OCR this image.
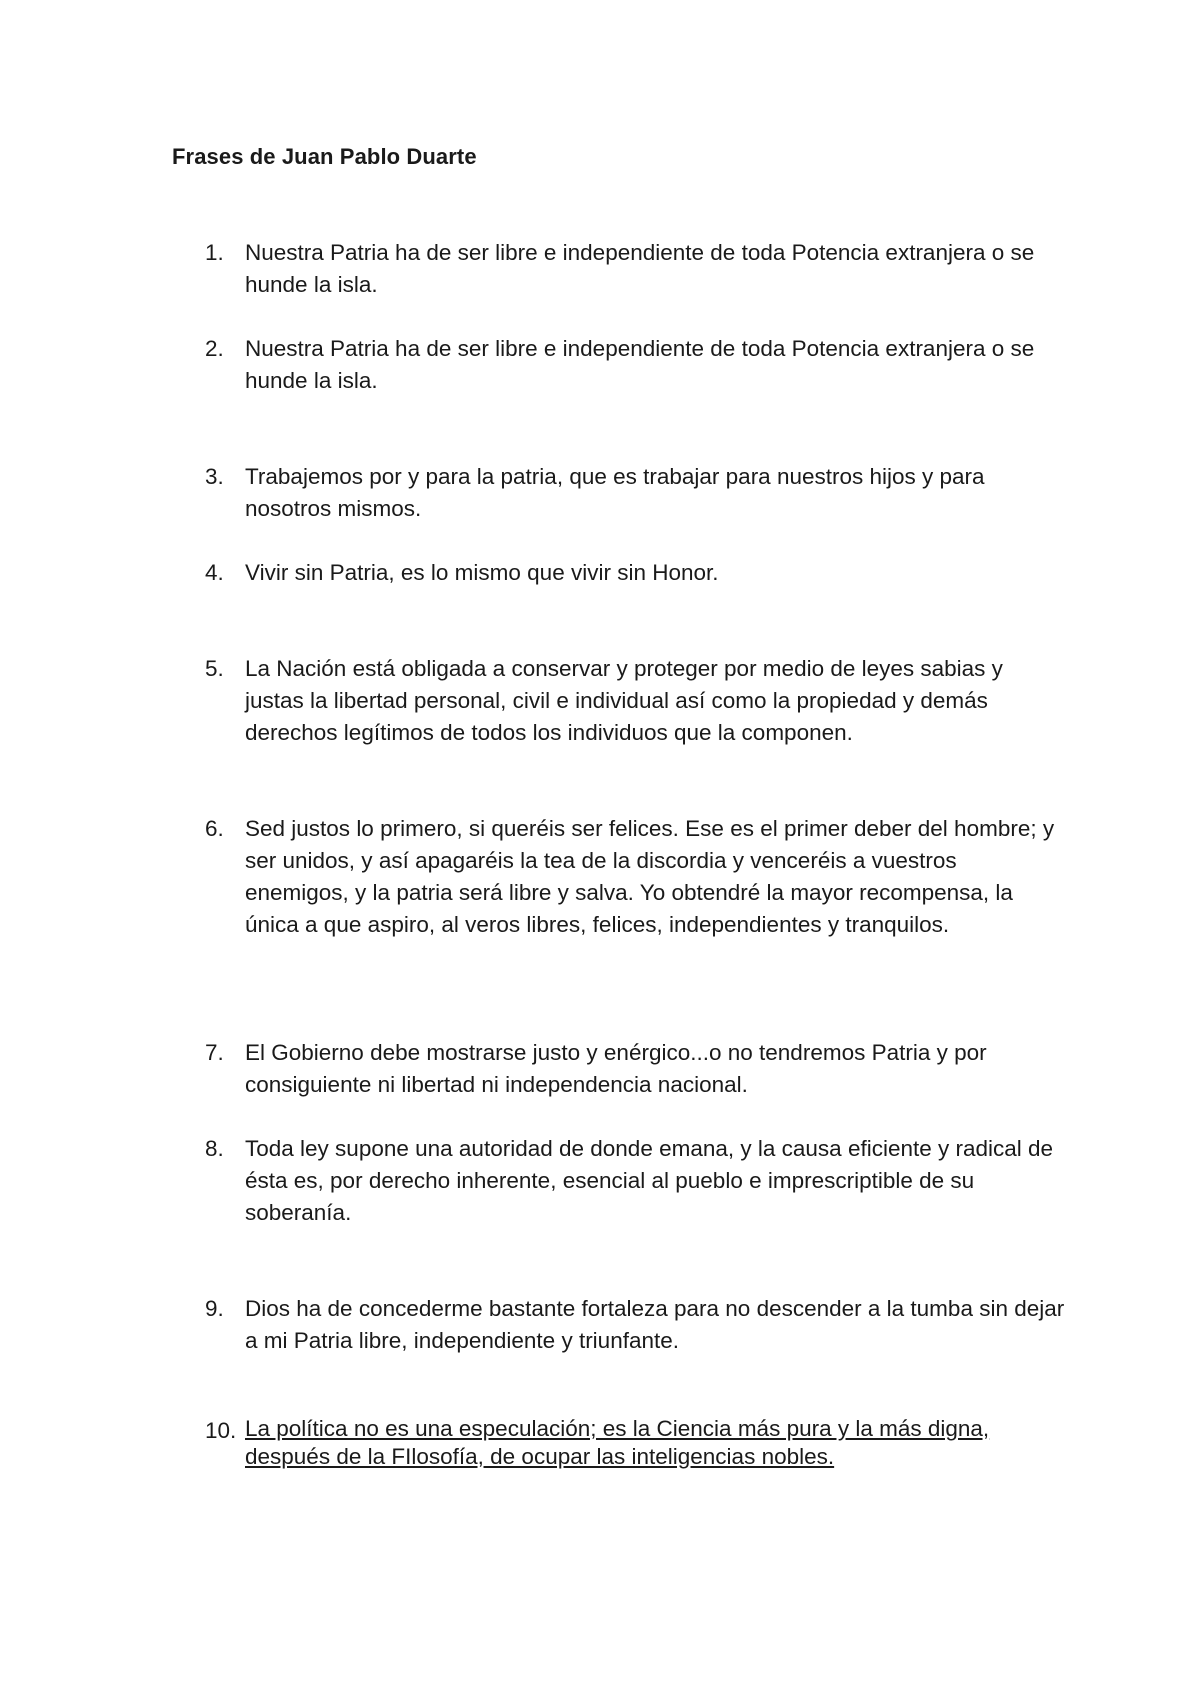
Frases de Juan Pablo Duarte
1. Nuestra Patria ha de ser libre e independiente de toda Potencia extranjera o se hunde la isla.
2. Nuestra Patria ha de ser libre e independiente de toda Potencia extranjera o se hunde la isla.
3. Trabajemos por y para la patria, que es trabajar para nuestros hijos y para nosotros mismos.
4. Vivir sin Patria, es lo mismo que vivir sin Honor.
5. La Nación está obligada a conservar y proteger por medio de leyes sabias y justas la libertad personal, civil e individual así como la propiedad y demás derechos legítimos de todos los individuos que la componen.
6. Sed justos lo primero, si queréis ser felices. Ese es el primer deber del hombre; y ser unidos, y así apagaréis la tea de la discordia y venceréis a vuestros enemigos, y la patria será libre y salva. Yo obtendré la mayor recompensa, la única a que aspiro, al veros libres, felices, independientes y tranquilos.
7. El Gobierno debe mostrarse justo y enérgico...o no tendremos Patria y por consiguiente ni libertad ni independencia nacional.
8. Toda ley supone una autoridad de donde emana, y la causa eficiente y radical de ésta es, por derecho inherente, esencial al pueblo e imprescriptible de su soberanía.
9. Dios ha de concederme bastante fortaleza para no descender a la tumba sin dejar a mi Patria libre, independiente y triunfante.
10. La política no es una especulación; es la Ciencia más pura y la más digna, después de la FIlosofía, de ocupar las inteligencias nobles.
